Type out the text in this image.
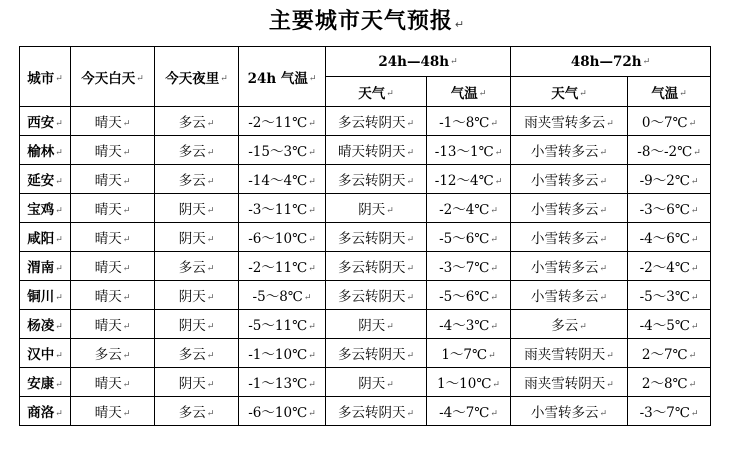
主要城市天气预报 ↵
城市↵	今天白天↵	今天夜里↵	24h 气温↵	24h—48h↵		48h—72h↵	
				天气↵	气温↵	天气↵	气温↵
西安↵	晴天↵	多云↵	-2～11℃↵	多云转阴天↵	-1～8℃↵	雨夹雪转多云↵	0～7℃↵
榆林↵	晴天↵	多云↵	-15～3℃↵	晴天转阴天↵	-13～1℃↵	小雪转多云↵	-8～-2℃↵
延安↵	晴天↵	多云↵	-14～4℃↵	多云转阴天↵	-12～4℃↵	小雪转多云↵	-9～2℃↵
宝鸡↵	晴天↵	阴天↵	-3～11℃↵	阴天↵	-2～4℃↵	小雪转多云↵	-3～6℃↵
咸阳↵	晴天↵	阴天↵	-6～10℃↵	多云转阴天↵	-5～6℃↵	小雪转多云↵	-4～6℃↵
渭南↵	晴天↵	多云↵	-2～11℃↵	多云转阴天↵	-3～7℃↵	小雪转多云↵	-2～4℃↵
铜川↵	晴天↵	阴天↵	-5～8℃↵	多云转阴天↵	-5～6℃↵	小雪转多云↵	-5～3℃↵
杨凌↵	晴天↵	阴天↵	-5～11℃↵	阴天↵	-4～3℃↵	多云↵	-4～5℃↵
汉中↵	多云↵	多云↵	-1～10℃↵	多云转阴天↵	1～7℃↵	雨夹雪转阴天↵	2～7℃↵
安康↵	晴天↵	阴天↵	-1～13℃↵	阴天↵	1～10℃↵	雨夹雪转阴天↵	2～8℃↵
商洛↵	晴天↵	多云↵	-6～10℃↵	多云转阴天↵	-4～7℃↵	小雪转多云↵	-3～7℃↵
